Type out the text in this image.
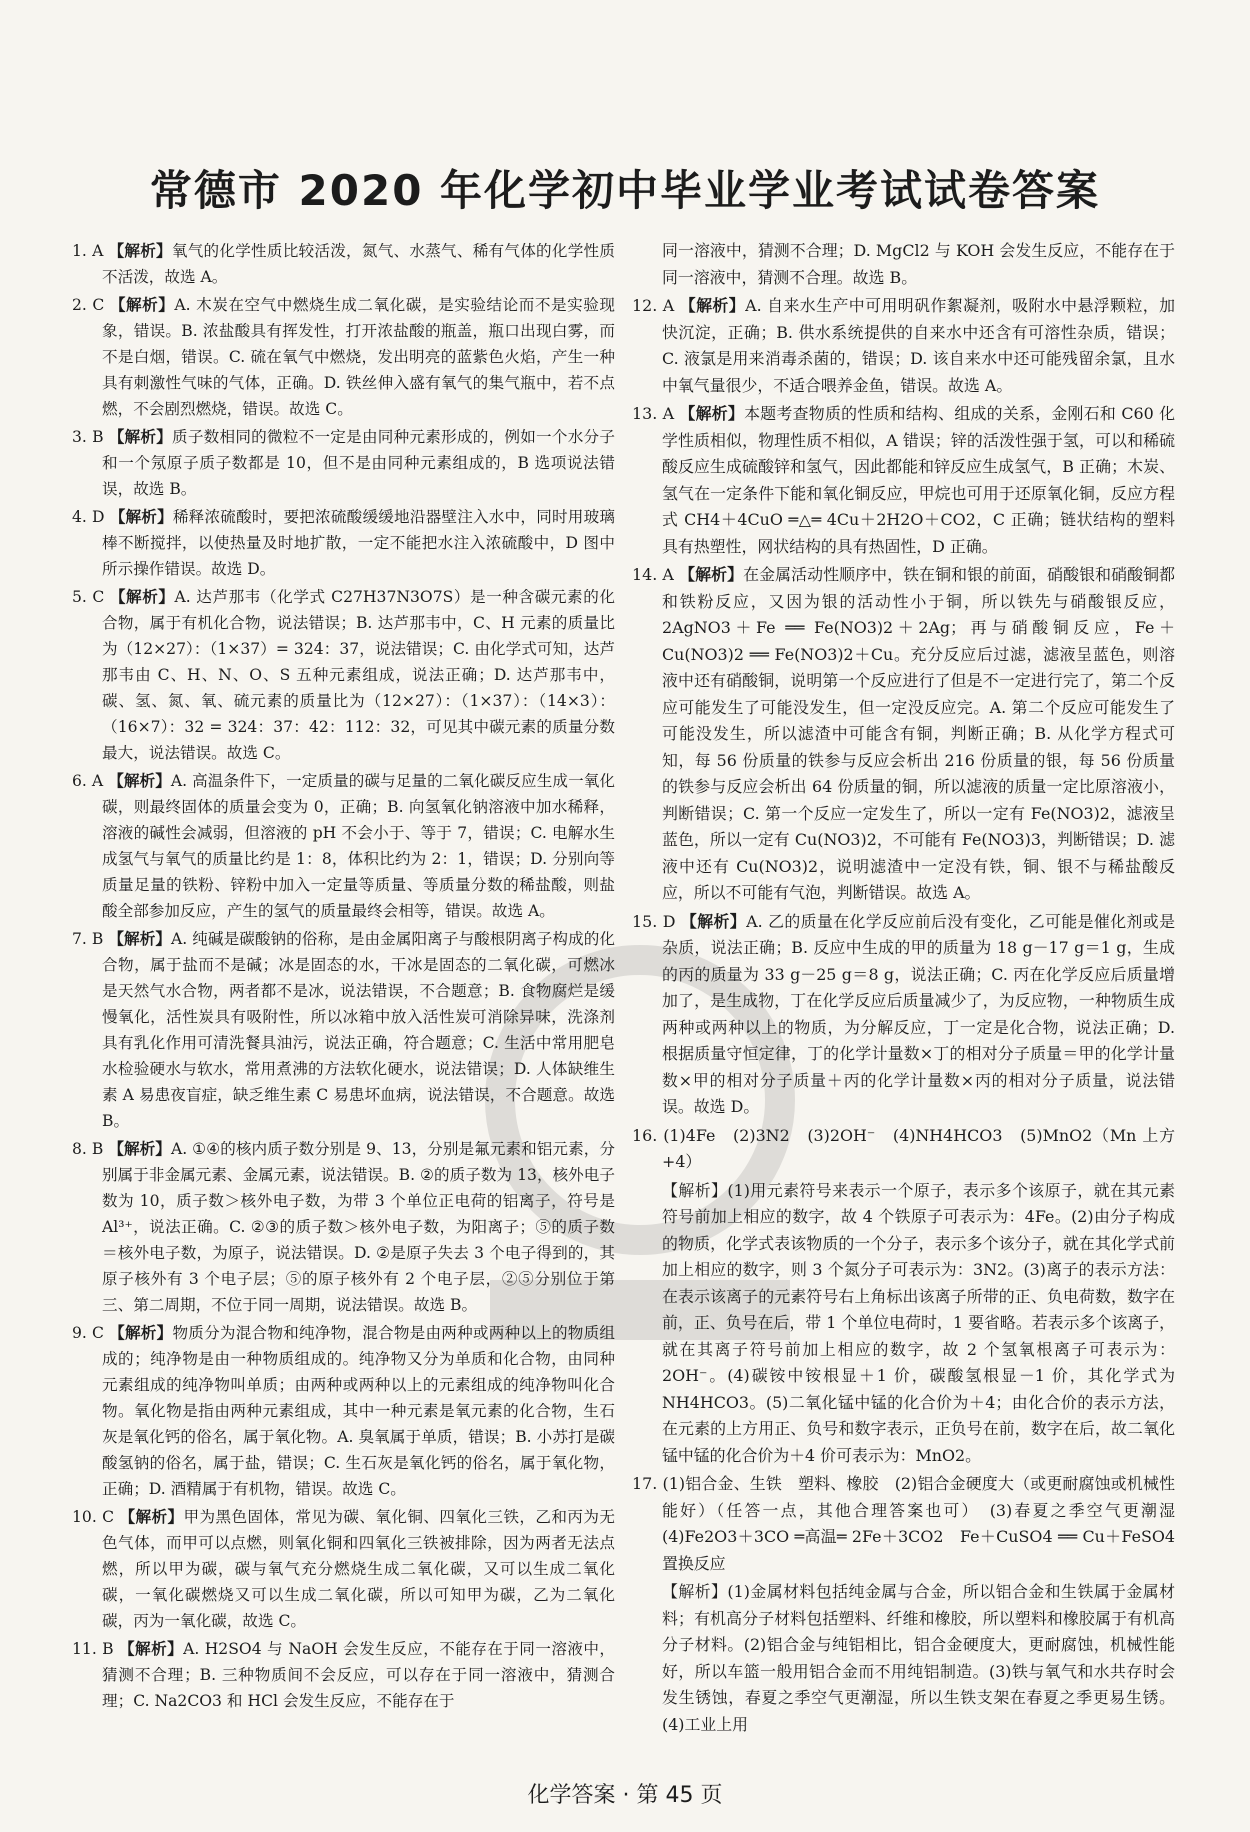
常德市 2020 年化学初中毕业学业考试试卷答案

1. A 【解析】氧气的化学性质比较活泼，氮气、水蒸气、稀有气体的化学性质不活泼，故选 A。

2. C 【解析】A. 木炭在空气中燃烧生成二氧化碳，是实验结论而不是实验现象，错误。B. 浓盐酸具有挥发性，打开浓盐酸的瓶盖，瓶口出现白雾，而不是白烟，错误。C. 硫在氧气中燃烧，发出明亮的蓝紫色火焰，产生一种具有刺激性气味的气体，正确。D. 铁丝伸入盛有氧气的集气瓶中，若不点燃，不会剧烈燃烧，错误。故选 C。

3. B 【解析】质子数相同的微粒不一定是由同种元素形成的，例如一个水分子和一个氖原子质子数都是 10，但不是由同种元素组成的，B 选项说法错误，故选 B。

4. D 【解析】稀释浓硫酸时，要把浓硫酸缓缓地沿器壁注入水中，同时用玻璃棒不断搅拌，以使热量及时地扩散，一定不能把水注入浓硫酸中，D 图中所示操作错误。故选 D。

5. C 【解析】A. 达芦那韦（化学式 C27H37N3O7S）是一种含碳元素的化合物，属于有机化合物，说法错误；B. 达芦那韦中，C、H 元素的质量比为（12×27）：（1×37）= 324：37，说法错误；C. 由化学式可知，达芦那韦由 C、H、N、O、S 五种元素组成，说法正确；D. 达芦那韦中，碳、氢、氮、氧、硫元素的质量比为（12×27）：（1×37）：（14×3）：（16×7）：32 = 324：37：42：112：32，可见其中碳元素的质量分数最大，说法错误。故选 C。

6. A 【解析】A. 高温条件下，一定质量的碳与足量的二氧化碳反应生成一氧化碳，则最终固体的质量会变为 0，正确；B. 向氢氧化钠溶液中加水稀释，溶液的碱性会减弱，但溶液的 pH 不会小于、等于 7，错误；C. 电解水生成氢气与氧气的质量比约是 1：8，体积比约为 2：1，错误；D. 分别向等质量足量的铁粉、锌粉中加入一定量等质量、等质量分数的稀盐酸，则盐酸全部参加反应，产生的氢气的质量最终会相等，错误。故选 A。

7. B 【解析】A. 纯碱是碳酸钠的俗称，是由金属阳离子与酸根阴离子构成的化合物，属于盐而不是碱；冰是固态的水，干冰是固态的二氧化碳，可燃冰是天然气水合物，两者都不是冰，说法错误，不合题意；B. 食物腐烂是缓慢氧化，活性炭具有吸附性，所以冰箱中放入活性炭可消除异味，洗涤剂具有乳化作用可清洗餐具油污，说法正确，符合题意；C. 生活中常用肥皂水检验硬水与软水，常用煮沸的方法软化硬水，说法错误；D. 人体缺维生素 A 易患夜盲症，缺乏维生素 C 易患坏血病，说法错误，不合题意。故选 B。

8. B 【解析】A. ①④的核内质子数分别是 9、13，分别是氟元素和铝元素，分别属于非金属元素、金属元素，说法错误。B. ②的质子数为 13，核外电子数为 10，质子数＞核外电子数，为带 3 个单位正电荷的铝离子，符号是 Al³⁺，说法正确。C. ②③的质子数＞核外电子数，为阳离子；⑤的质子数＝核外电子数，为原子，说法错误。D. ②是原子失去 3 个电子得到的，其原子核外有 3 个电子层；⑤的原子核外有 2 个电子层，②⑤分别位于第三、第二周期，不位于同一周期，说法错误。故选 B。

9. C 【解析】物质分为混合物和纯净物，混合物是由两种或两种以上的物质组成的；纯净物是由一种物质组成的。纯净物又分为单质和化合物，由同种元素组成的纯净物叫单质；由两种或两种以上的元素组成的纯净物叫化合物。氧化物是指由两种元素组成，其中一种元素是氧元素的化合物，生石灰是氧化钙的俗名，属于氧化物。A. 臭氧属于单质，错误；B. 小苏打是碳酸氢钠的俗名，属于盐，错误；C. 生石灰是氧化钙的俗名，属于氧化物，正确；D. 酒精属于有机物，错误。故选 C。

10. C 【解析】甲为黑色固体，常见为碳、氧化铜、四氧化三铁，乙和丙为无色气体，而甲可以点燃，则氧化铜和四氧化三铁被排除，因为两者无法点燃，所以甲为碳，碳与氧气充分燃烧生成二氧化碳，又可以生成二氧化碳，一氧化碳燃烧又可以生成二氧化碳，所以可知甲为碳，乙为二氧化碳，丙为一氧化碳，故选 C。

11. B 【解析】A. H2SO4 与 NaOH 会发生反应，不能存在于同一溶液中，猜测不合理；B. 三种物质间不会反应，可以存在于同一溶液中，猜测合理；C. Na2CO3 和 HCl 会发生反应，不能存在于

同一溶液中，猜测不合理；D. MgCl2 与 KOH 会发生反应，不能存在于同一溶液中，猜测不合理。故选 B。

12. A 【解析】A. 自来水生产中可用明矾作絮凝剂，吸附水中悬浮颗粒，加快沉淀，正确；B. 供水系统提供的自来水中还含有可溶性杂质，错误；C. 液氯是用来消毒杀菌的，错误；D. 该自来水中还可能残留余氯，且水中氧气量很少，不适合喂养金鱼，错误。故选 A。

13. A 【解析】本题考查物质的性质和结构、组成的关系，金刚石和 C60 化学性质相似，物理性质不相似，A 错误；锌的活泼性强于氢，可以和稀硫酸反应生成硫酸锌和氢气，因此都能和锌反应生成氢气，B 正确；木炭、氢气在一定条件下能和氧化铜反应，甲烷也可用于还原氧化铜，反应方程式 CH4＋4CuO ═△═ 4Cu＋2H2O＋CO2，C 正确；链状结构的塑料具有热塑性，网状结构的具有热固性，D 正确。

14. A 【解析】在金属活动性顺序中，铁在铜和银的前面，硝酸银和硝酸铜都和铁粉反应，又因为银的活动性小于铜，所以铁先与硝酸银反应，2AgNO3＋Fe ══ Fe(NO3)2＋2Ag；再与硝酸铜反应，Fe＋Cu(NO3)2 ══ Fe(NO3)2＋Cu。充分反应后过滤，滤液呈蓝色，则溶液中还有硝酸铜，说明第一个反应进行了但是不一定进行完了，第二个反应可能发生了可能没发生，但一定没反应完。A. 第二个反应可能发生了可能没发生，所以滤渣中可能含有铜，判断正确；B. 从化学方程式可知，每 56 份质量的铁参与反应会析出 216 份质量的银，每 56 份质量的铁参与反应会析出 64 份质量的铜，所以滤液的质量一定比原溶液小，判断错误；C. 第一个反应一定发生了，所以一定有 Fe(NO3)2，滤液呈蓝色，所以一定有 Cu(NO3)2，不可能有 Fe(NO3)3，判断错误；D. 滤液中还有 Cu(NO3)2，说明滤渣中一定没有铁，铜、银不与稀盐酸反应，所以不可能有气泡，判断错误。故选 A。

15. D 【解析】A. 乙的质量在化学反应前后没有变化，乙可能是催化剂或是杂质，说法正确；B. 反应中生成的甲的质量为 18 g－17 g＝1 g，生成的丙的质量为 33 g－25 g＝8 g，说法正确；C. 丙在化学反应后质量增加了，是生成物，丁在化学反应后质量减少了，为反应物，一种物质生成两种或两种以上的物质，为分解反应，丁一定是化合物，说法正确；D. 根据质量守恒定律，丁的化学计量数×丁的相对分子质量＝甲的化学计量数×甲的相对分子质量＋丙的化学计量数×丙的相对分子质量，说法错误。故选 D。

16. (1)4Fe　(2)3N2　(3)2OH⁻　(4)NH4HCO3　(5)MnO2（Mn 上方 +4）

【解析】(1)用元素符号来表示一个原子，表示多个该原子，就在其元素符号前加上相应的数字，故 4 个铁原子可表示为：4Fe。(2)由分子构成的物质，化学式表该物质的一个分子，表示多个该分子，就在其化学式前加上相应的数字，则 3 个氮分子可表示为：3N2。(3)离子的表示方法：在表示该离子的元素符号右上角标出该离子所带的正、负电荷数，数字在前，正、负号在后，带 1 个单位电荷时，1 要省略。若表示多个该离子，就在其离子符号前加上相应的数字，故 2 个氢氧根离子可表示为：2OH⁻。(4)碳铵中铵根显＋1 价，碳酸氢根显－1 价，其化学式为 NH4HCO3。(5)二氧化锰中锰的化合价为＋4；由化合价的表示方法，在元素的上方用正、负号和数字表示，正负号在前，数字在后，故二氧化锰中锰的化合价为＋4 价可表示为：MnO2。

17. (1)铝合金、生铁　塑料、橡胶　(2)铝合金硬度大（或更耐腐蚀或机械性能好）（任答一点，其他合理答案也可）　(3)春夏之季空气更潮湿　(4)Fe2O3＋3CO ═高温═ 2Fe＋3CO2　Fe＋CuSO4 ══ Cu＋FeSO4　置换反应

【解析】(1)金属材料包括纯金属与合金，所以铝合金和生铁属于金属材料；有机高分子材料包括塑料、纤维和橡胶，所以塑料和橡胶属于有机高分子材料。(2)铝合金与纯铝相比，铝合金硬度大，更耐腐蚀，机械性能好，所以车篮一般用铝合金而不用纯铝制造。(3)铁与氧气和水共存时会发生锈蚀，春夏之季空气更潮湿，所以生铁支架在春夏之季更易生锈。(4)工业上用

化学答案 · 第 45 页
